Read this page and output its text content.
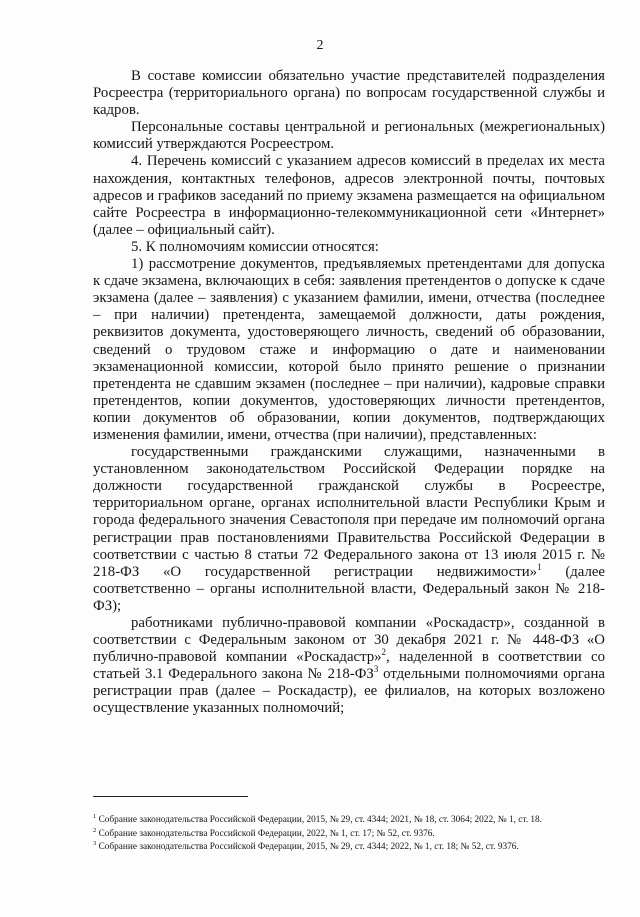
2

В составе комиссии обязательно участие представителей подразделения Росреестра (территориального органа) по вопросам государственной службы и кадров.

Персональные составы центральной и региональных (межрегиональных) комиссий утверждаются Росреестром.

4. Перечень комиссий с указанием адресов комиссий в пределах их места нахождения, контактных телефонов, адресов электронной почты, почтовых адресов и графиков заседаний по приему экзамена размещается на официальном сайте Росреестра в информационно-телекоммуникационной сети «Интернет» (далее – официальный сайт).

5. К полномочиям комиссии относятся:

1) рассмотрение документов, предъявляемых претендентами для допуска к сдаче экзамена, включающих в себя: заявления претендентов о допуске к сдаче экзамена (далее – заявления) с указанием фамилии, имени, отчества (последнее – при наличии) претендента, замещаемой должности, даты рождения, реквизитов документа, удостоверяющего личность, сведений об образовании, сведений о трудовом стаже и информацию о дате и наименовании экзаменационной комиссии, которой было принято решение о признании претендента не сдавшим экзамен (последнее – при наличии), кадровые справки претендентов, копии документов, удостоверяющих личности претендентов, копии документов об образовании, копии документов, подтверждающих изменения фамилии, имени, отчества (при наличии), представленных:

государственными гражданскими служащими, назначенными в установленном законодательством Российской Федерации порядке на должности государственной гражданской службы в Росреестре, территориальном органе, органах исполнительной власти Республики Крым и города федерального значения Севастополя при передаче им полномочий органа регистрации прав постановлениями Правительства Российской Федерации в соответствии с частью 8 статьи 72 Федерального закона от 13 июля 2015 г. № 218-ФЗ «О государственной регистрации недвижимости»$^1$ (далее соответственно – органы исполнительной власти, Федеральный закон № 218-ФЗ);

работниками публично-правовой компании «Роскадастр», созданной в соответствии с Федеральным законом от 30 декабря 2021 г. № 448-ФЗ «О публично-правовой компании «Роскадастр»$^2$, наделенной в соответствии со статьей 3.1 Федерального закона № $218-ФЗ^3$ отдельными полномочиями органа регистрации прав (далее – Роскадастр), ее филиалов, на которых возложено осуществление указанных полномочий;

$^1$ Собрание законодательства Российской Федерации, 2015, № 29, ст. 4344; 2021, № 18, ст. 3064; 2022, № 1, ст. 18.

$^2$ Собрание законодательства Российской Федерации, 2022, № 1, ст. 17; № 52, ст. 9376.

$^3$ Собрание законодательства Российской Федерации, 2015, № 29, ст. 4344; 2022, № 1, ст. 18; № 52, ст. 9376.
